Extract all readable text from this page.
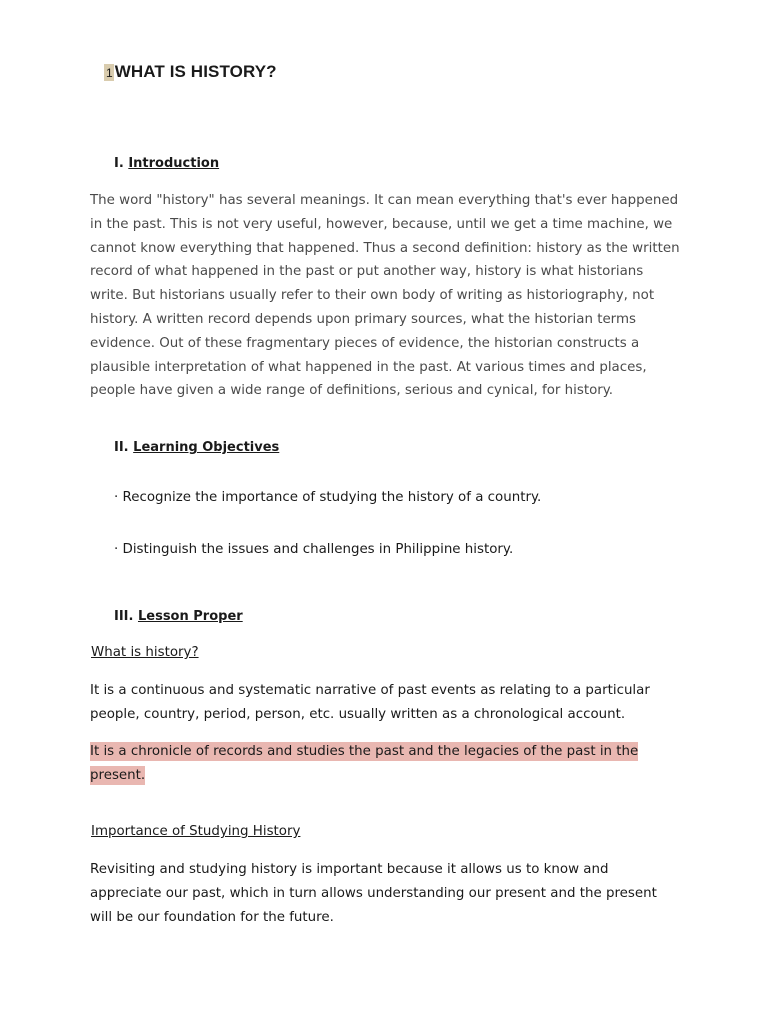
1 WHAT IS HISTORY?
I. Introduction

The word "history" has several meanings. It can mean everything that's ever happened in the past. This is not very useful, however, because, until we get a time machine, we cannot know everything that happened. Thus a second definition: history as the written record of what happened in the past or put another way, history is what historians write. But historians usually refer to their own body of writing as historiography, not history. A written record depends upon primary sources, what the historian terms evidence. Out of these fragmentary pieces of evidence, the historian constructs a plausible interpretation of what happened in the past. At various times and places, people have given a wide range of definitions, serious and cynical, for history.

II. Learning Objectives
· Recognize the importance of studying the history of a country.
· Distinguish the issues and challenges in Philippine history.
III. Lesson Proper
What is history?

It is a continuous and systematic narrative of past events as relating to a particular people, country, period, person, etc. usually written as a chronological account.

It is a chronicle of records and studies the past and the legacies of the past in the present.

Importance of Studying History

Revisiting and studying history is important because it allows us to know and appreciate our past, which in turn allows understanding our present and the present will be our foundation for the future.
